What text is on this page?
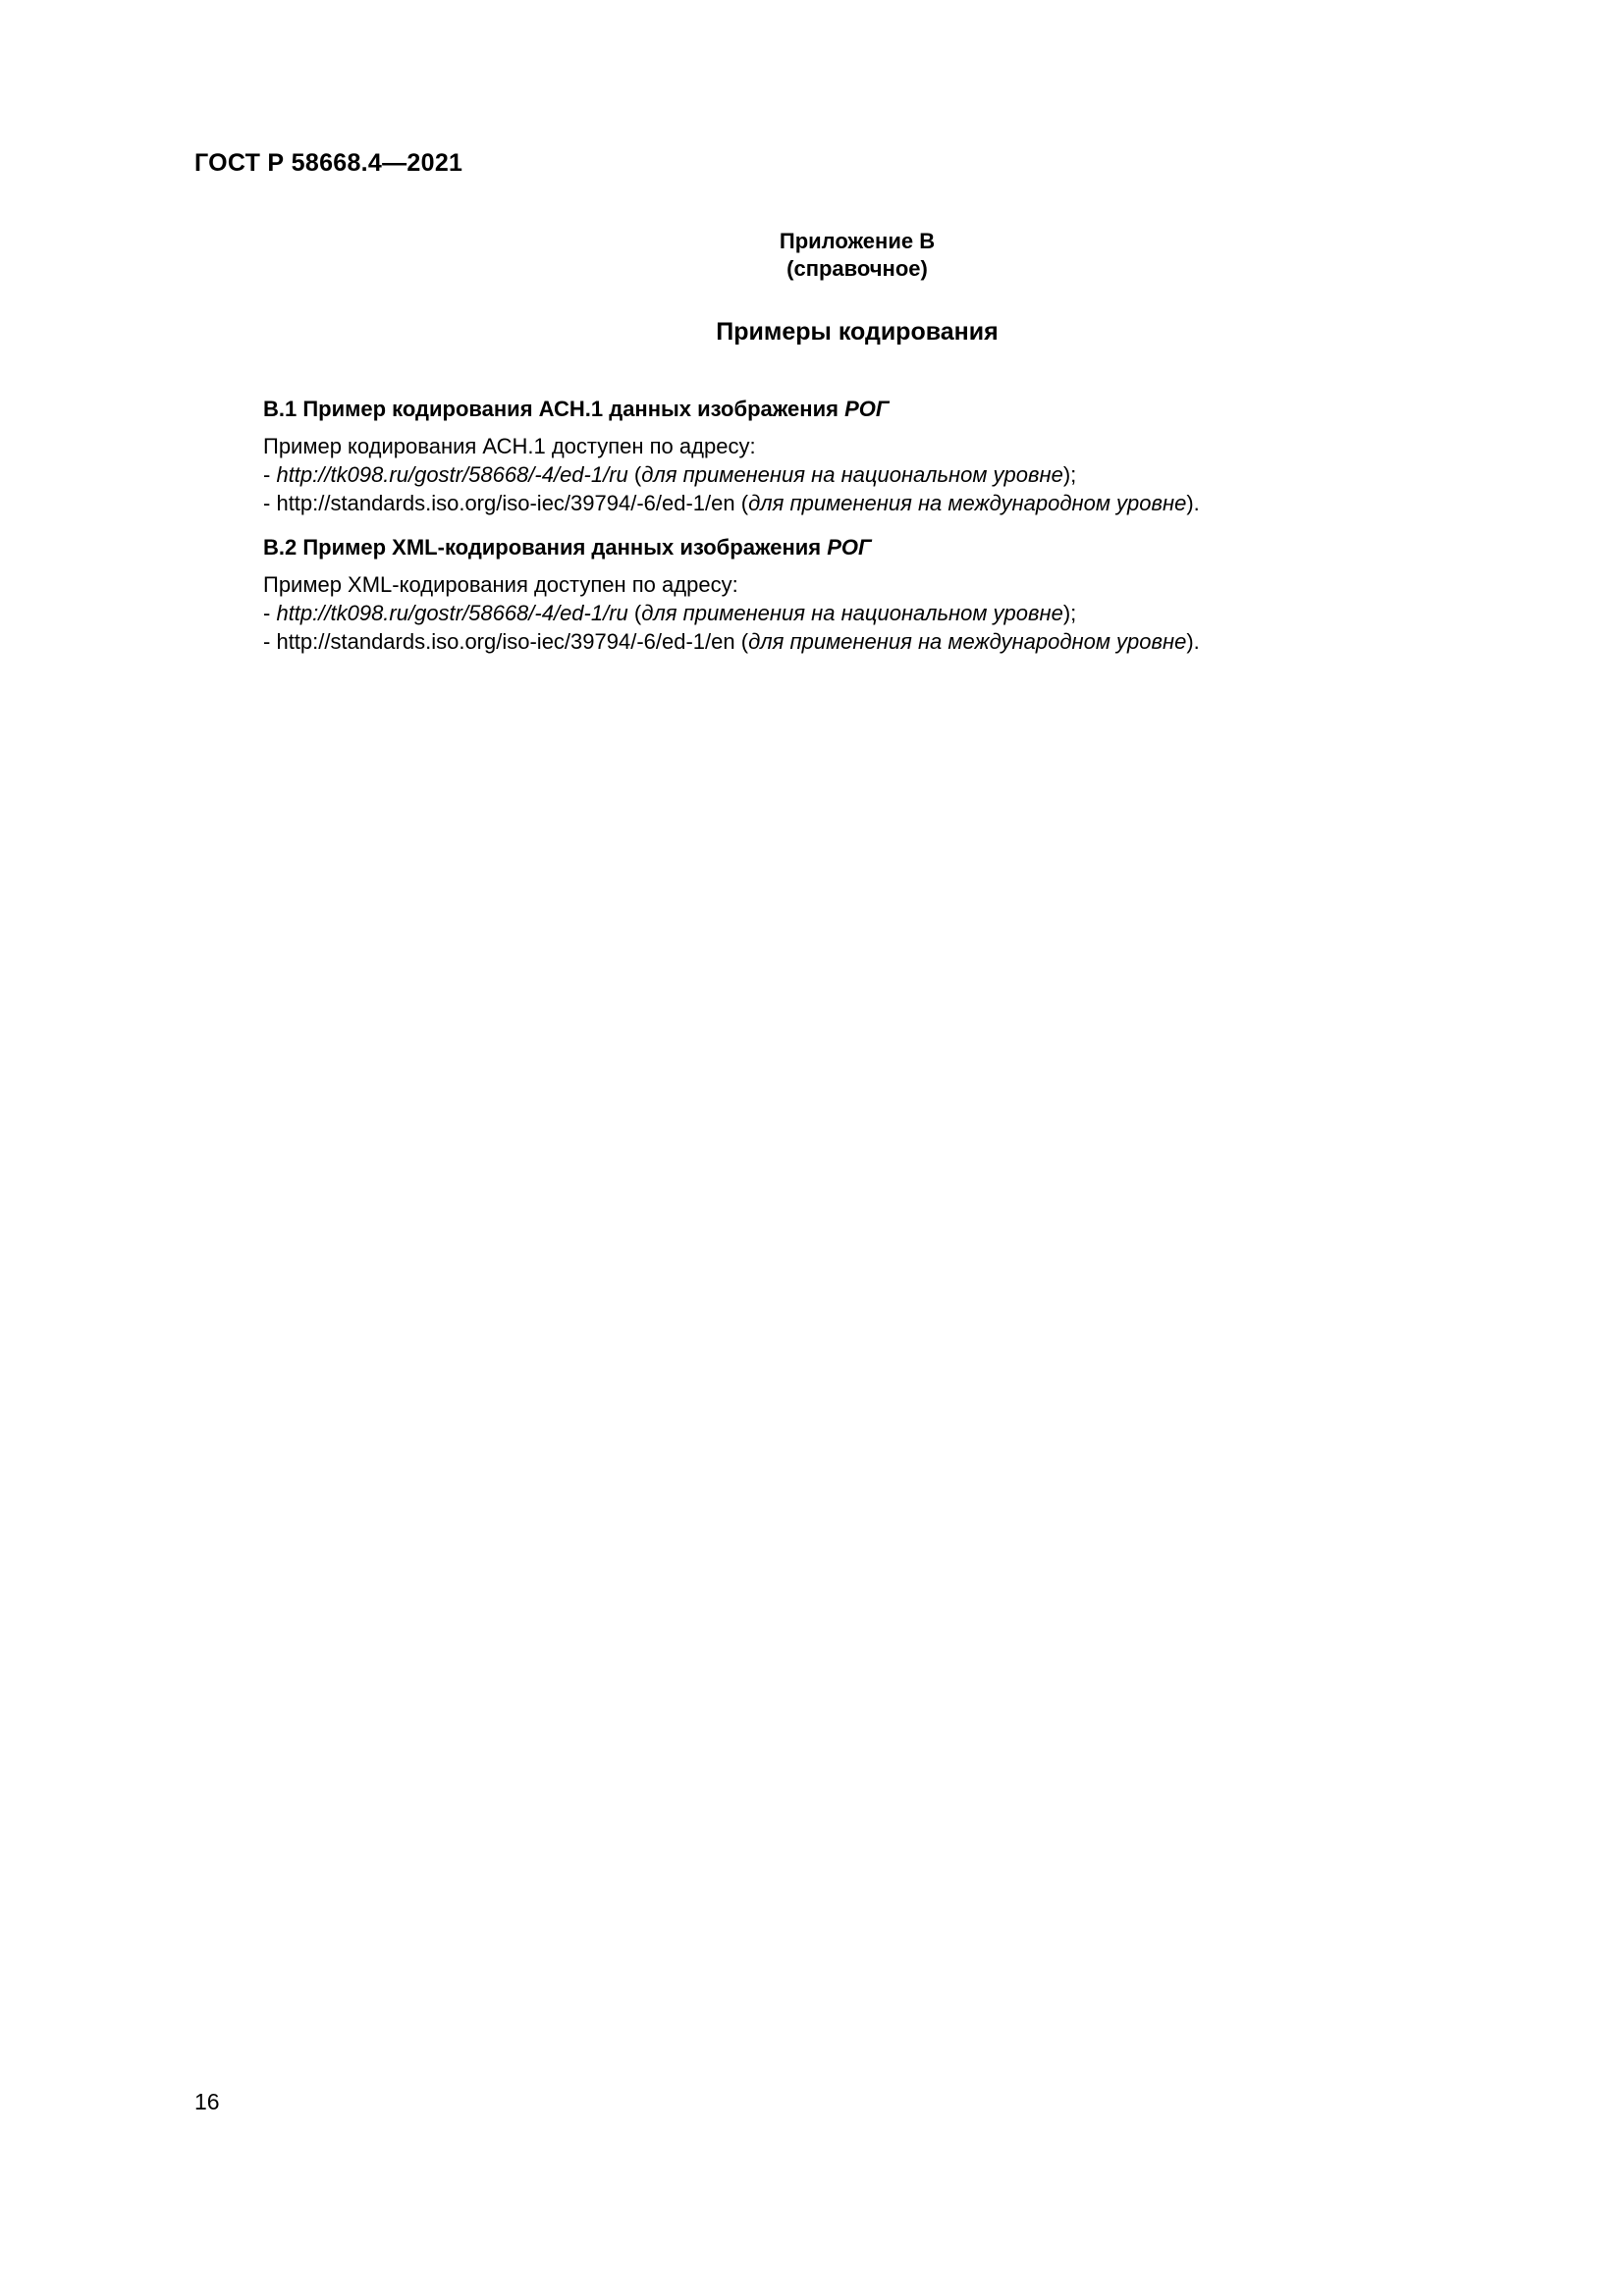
ГОСТ Р 58668.4—2021

Приложение В

(справочное)

Примеры кодирования

В.1 Пример кодирования АСН.1 данных изображения РОГ

Пример кодирования АСН.1 доступен по адресу:

- http://tk098.ru/gostr/58668/-4/ed-1/ru (для применения на национальном уровне);

- http://standards.iso.org/iso-iec/39794/-6/ed-1/en (для применения на международном уровне).

В.2 Пример XML-кодирования данных изображения РОГ

Пример XML-кодирования доступен по адресу:

- http://tk098.ru/gostr/58668/-4/ed-1/ru (для применения на национальном уровне);

- http://standards.iso.org/iso-iec/39794/-6/ed-1/en (для применения на международном уровне).

16
